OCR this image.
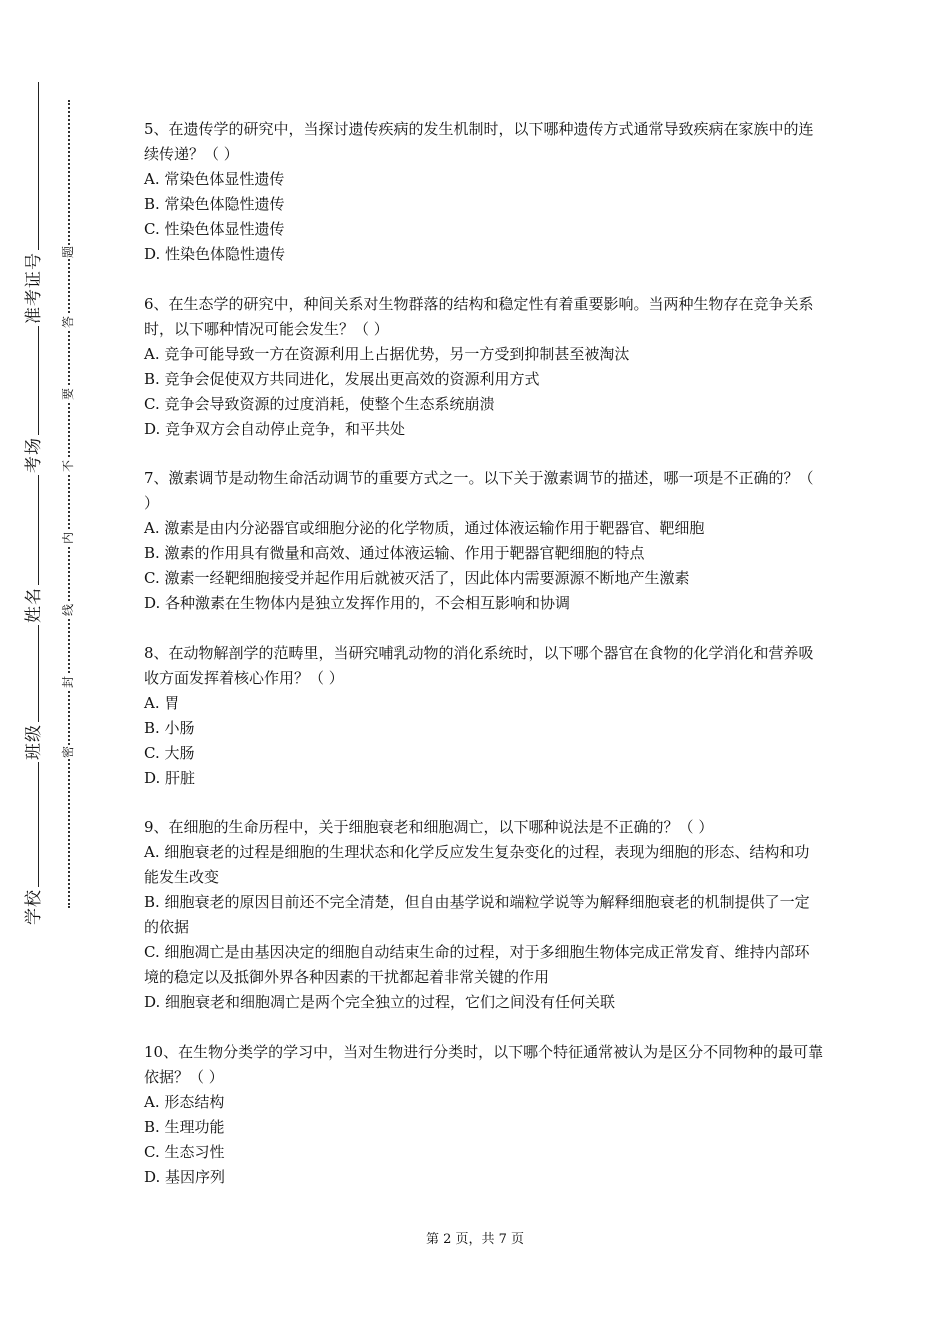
准考证号
考场
姓名
班级
学校
题
答
要
不
内
线
封
密
5、在遗传学的研究中，当探讨遗传疾病的发生机制时，以下哪种遗传方式通常导致疾病在家族中的连续传递？（ ）
A. 常染色体显性遗传
B. 常染色体隐性遗传
C. 性染色体显性遗传
D. 性染色体隐性遗传
6、在生态学的研究中，种间关系对生物群落的结构和稳定性有着重要影响。当两种生物存在竞争关系时，以下哪种情况可能会发生？（ ）
A. 竞争可能导致一方在资源利用上占据优势，另一方受到抑制甚至被淘汰
B. 竞争会促使双方共同进化，发展出更高效的资源利用方式
C. 竞争会导致资源的过度消耗，使整个生态系统崩溃
D. 竞争双方会自动停止竞争，和平共处
7、激素调节是动物生命活动调节的重要方式之一。以下关于激素调节的描述，哪一项是不正确的？（ ）
A. 激素是由内分泌器官或细胞分泌的化学物质，通过体液运输作用于靶器官、靶细胞
B. 激素的作用具有微量和高效、通过体液运输、作用于靶器官靶细胞的特点
C. 激素一经靶细胞接受并起作用后就被灭活了，因此体内需要源源不断地产生激素
D. 各种激素在生物体内是独立发挥作用的，不会相互影响和协调
8、在动物解剖学的范畴里，当研究哺乳动物的消化系统时，以下哪个器官在食物的化学消化和营养吸收方面发挥着核心作用？（ ）
A. 胃
B. 小肠
C. 大肠
D. 肝脏
9、在细胞的生命历程中，关于细胞衰老和细胞凋亡，以下哪种说法是不正确的？（ ）
A. 细胞衰老的过程是细胞的生理状态和化学反应发生复杂变化的过程，表现为细胞的形态、结构和功能发生改变
B. 细胞衰老的原因目前还不完全清楚，但自由基学说和端粒学说等为解释细胞衰老的机制提供了一定的依据
C. 细胞凋亡是由基因决定的细胞自动结束生命的过程，对于多细胞生物体完成正常发育、维持内部环境的稳定以及抵御外界各种因素的干扰都起着非常关键的作用
D. 细胞衰老和细胞凋亡是两个完全独立的过程，它们之间没有任何关联
10、在生物分类学的学习中，当对生物进行分类时，以下哪个特征通常被认为是区分不同物种的最可靠依据？（ ）
A. 形态结构
B. 生理功能
C. 生态习性
D. 基因序列
第 2 页，共 7 页
